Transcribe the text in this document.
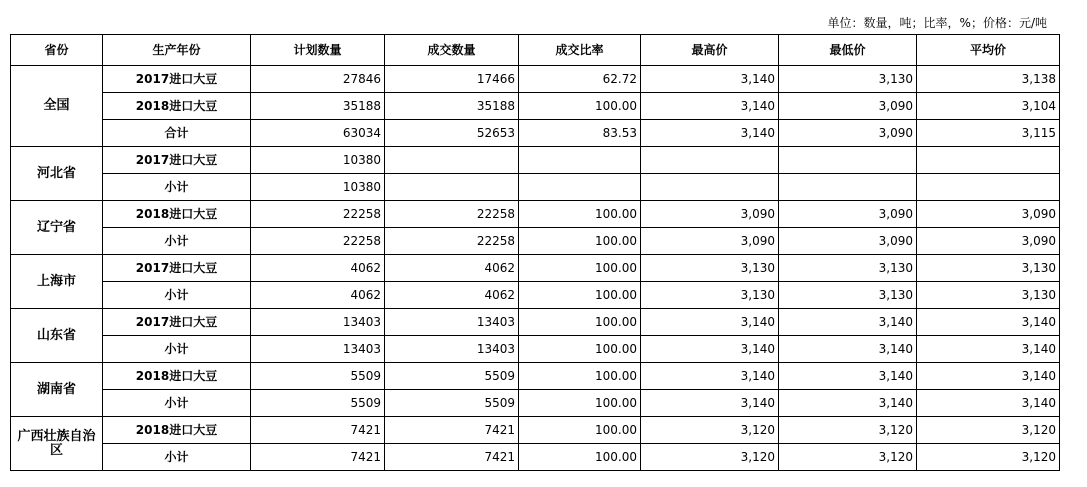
单位：数量，吨；比率，%；价格：元/吨
省份	生产年份	计划数量	成交数量	成交比率	最高价	最低价	平均价
全国	2017进口大豆	27846	17466	62.72	3,140	3,130	3,138
	2018进口大豆	35188	35188	100.00	3,140	3,090	3,104
	合计	63034	52653	83.53	3,140	3,090	3,115
河北省	2017进口大豆	10380					
	小计	10380					
辽宁省	2018进口大豆	22258	22258	100.00	3,090	3,090	3,090
	小计	22258	22258	100.00	3,090	3,090	3,090
上海市	2017进口大豆	4062	4062	100.00	3,130	3,130	3,130
	小计	4062	4062	100.00	3,130	3,130	3,130
山东省	2017进口大豆	13403	13403	100.00	3,140	3,140	3,140
	小计	13403	13403	100.00	3,140	3,140	3,140
湖南省	2018进口大豆	5509	5509	100.00	3,140	3,140	3,140
	小计	5509	5509	100.00	3,140	3,140	3,140
广西壮族自治区	2018进口大豆	7421	7421	100.00	3,120	3,120	3,120
	小计	7421	7421	100.00	3,120	3,120	3,120
